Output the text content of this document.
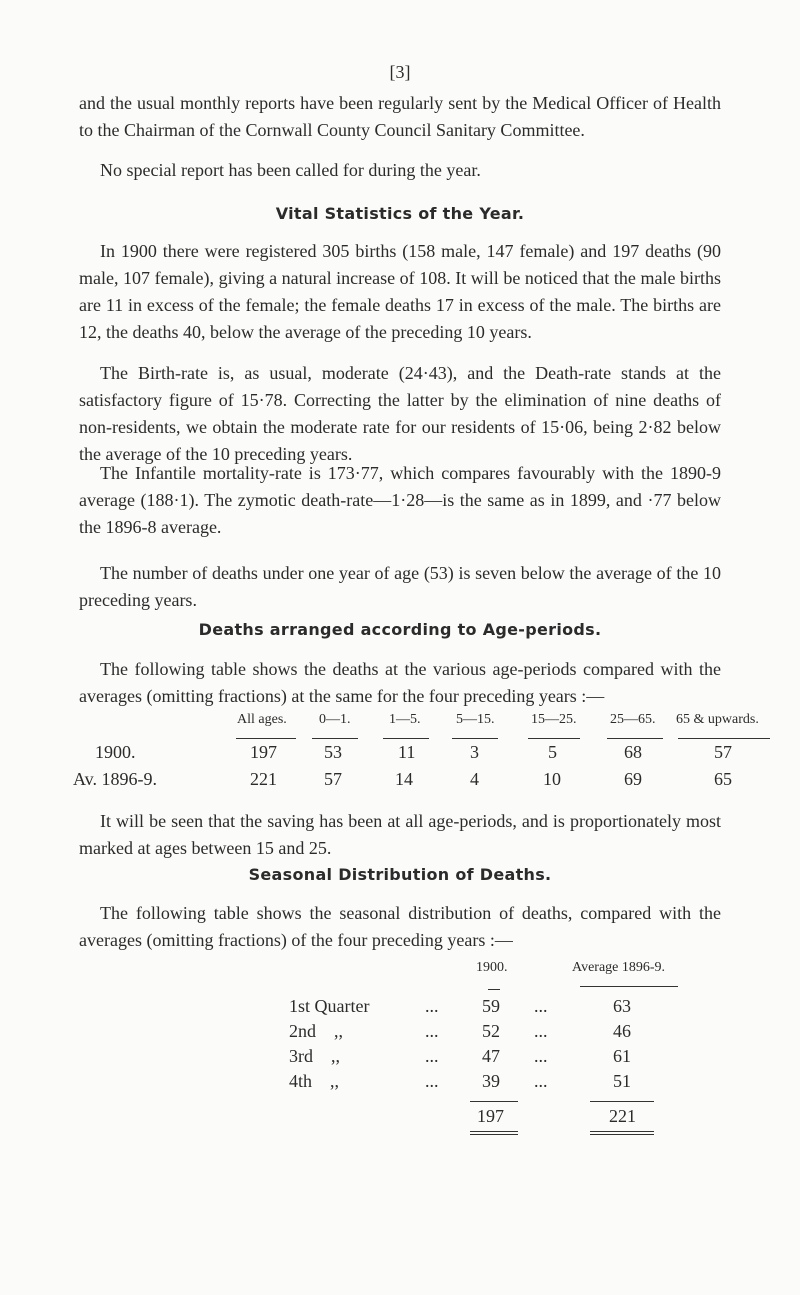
[3]
and the usual monthly reports have been regularly sent by the Medical Officer of Health to the Chairman of the Cornwall County Council Sanitary Committee.
No special report has been called for during the year.
Vital Statistics of the Year.
In 1900 there were registered 305 births (158 male, 147 female) and 197 deaths (90 male, 107 female), giving a natural increase of 108. It will be noticed that the male births are 11 in excess of the female; the female deaths 17 in excess of the male. The births are 12, the deaths 40, below the average of the preceding 10 years.
The Birth-rate is, as usual, moderate (24·43), and the Death-rate stands at the satisfactory figure of 15·78. Correcting the latter by the elimination of nine deaths of non-residents, we obtain the moderate rate for our residents of 15·06, being 2·82 below the average of the 10 preceding years.
The Infantile mortality-rate is 173·77, which compares favourably with the 1890-9 average (188·1). The zymotic death-rate—1·28—is the same as in 1899, and ·77 below the 1896-8 average.
The number of deaths under one year of age (53) is seven below the average of the 10 preceding years.
Deaths arranged according to Age-periods.
The following table shows the deaths at the various age-periods compared with the averages (omitting fractions) at the same for the four preceding years :—
All ages. 0—1.	1—5.	5—15.	15—25. 25—65. 65 & upwards.
1900.	197	53	11	3	5	68	57
Av. 1896-9.	221	57	14	4	10	69	65
It will be seen that the saving has been at all age-periods, and is proportionately most marked at ages between 15 and 25.
Seasonal Distribution of Deaths.
The following table shows the seasonal distribution of deaths, compared with the averages (omitting fractions) of the four preceding years :—
1900.	Average 1896-9.
1st Quarter	... 59 ...	63
2nd    ,,	... 52 ...	46
3rd    ,,	... 47 ...	61
4th    ,,	... 39 ...	51
197	221
